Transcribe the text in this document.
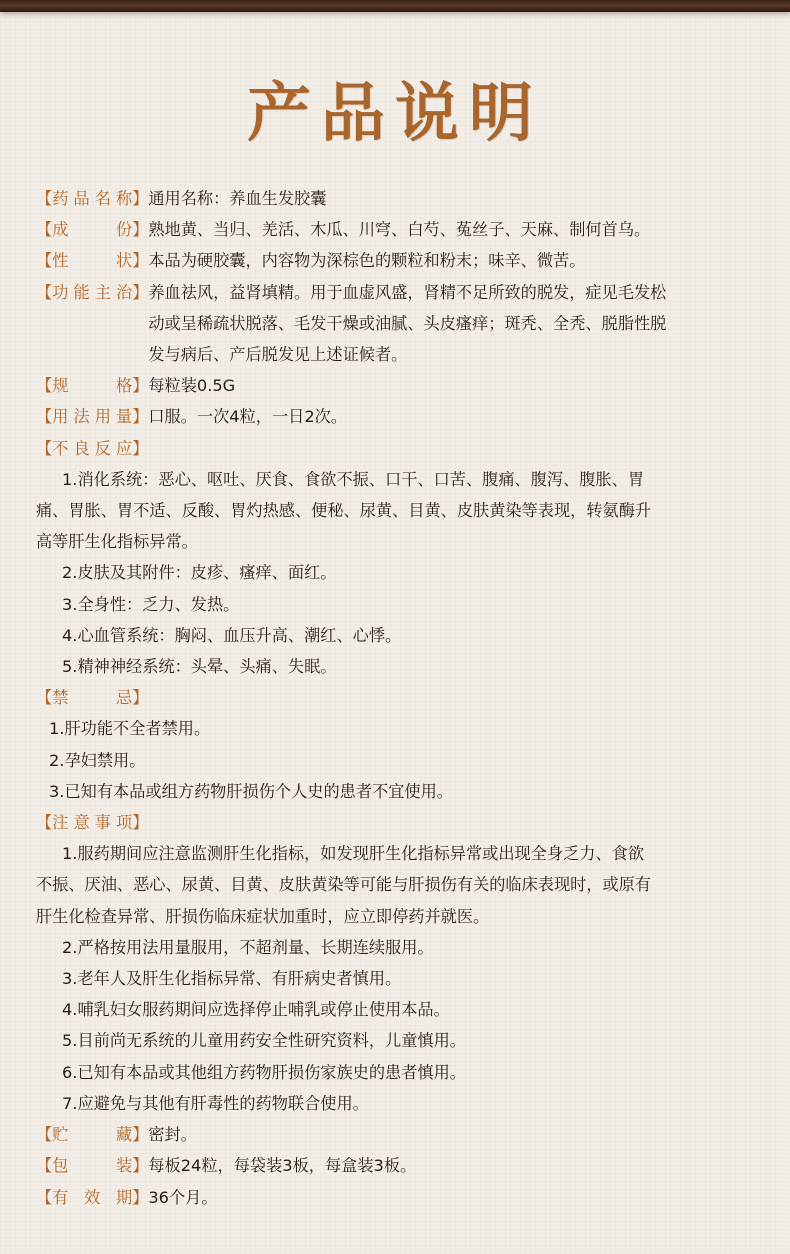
产品说明
【药品名称】 通用名称：养血生发胶囊
【成份】 熟地黄、当归、羌活、木瓜、川穹、白芍、菟丝子、天麻、制何首乌。
【性状】 本品为硬胶囊，内容物为深棕色的颗粒和粉末；味辛、微苦。
【功能主治】 养血祛风，益肾填精。用于血虚风盛，肾精不足所致的脱发，症见毛发松
动或呈稀疏状脱落、毛发干燥或油腻、头皮瘙痒；斑秃、全秃、脱脂性脱
发与病后、产后脱发见上述证候者。
【规格】 每粒装0.5G
【用法用量】 口服。一次4粒，一日2次。
【不良反应】
1.消化系统：恶心、呕吐、厌食、食欲不振、口干、口苦、腹痛、腹泻、腹胀、胃
痛、胃胀、胃不适、反酸、胃灼热感、便秘、尿黄、目黄、皮肤黄染等表现，转氨酶升
高等肝生化指标异常。
2.皮肤及其附件：皮疹、瘙痒、面红。
3.全身性：乏力、发热。
4.心血管系统：胸闷、血压升高、潮红、心悸。
5.精神神经系统：头晕、头痛、失眠。
【禁忌】
1.肝功能不全者禁用。
2.孕妇禁用。
3.已知有本品或组方药物肝损伤个人史的患者不宜使用。
【注意事项】
1.服药期间应注意监测肝生化指标，如发现肝生化指标异常或出现全身乏力、食欲
不振、厌油、恶心、尿黄、目黄、皮肤黄染等可能与肝损伤有关的临床表现时，或原有
肝生化检查异常、肝损伤临床症状加重时，应立即停药并就医。
2.严格按用法用量服用，不超剂量、长期连续服用。
3.老年人及肝生化指标异常、有肝病史者慎用。
4.哺乳妇女服药期间应选择停止哺乳或停止使用本品。
5.目前尚无系统的儿童用药安全性研究资料，儿童慎用。
6.已知有本品或其他组方药物肝损伤家族史的患者慎用。
7.应避免与其他有肝毒性的药物联合使用。
【贮藏】 密封。
【包装】 每板24粒，每袋装3板，每盒装3板。
【有效期】 36个月。
